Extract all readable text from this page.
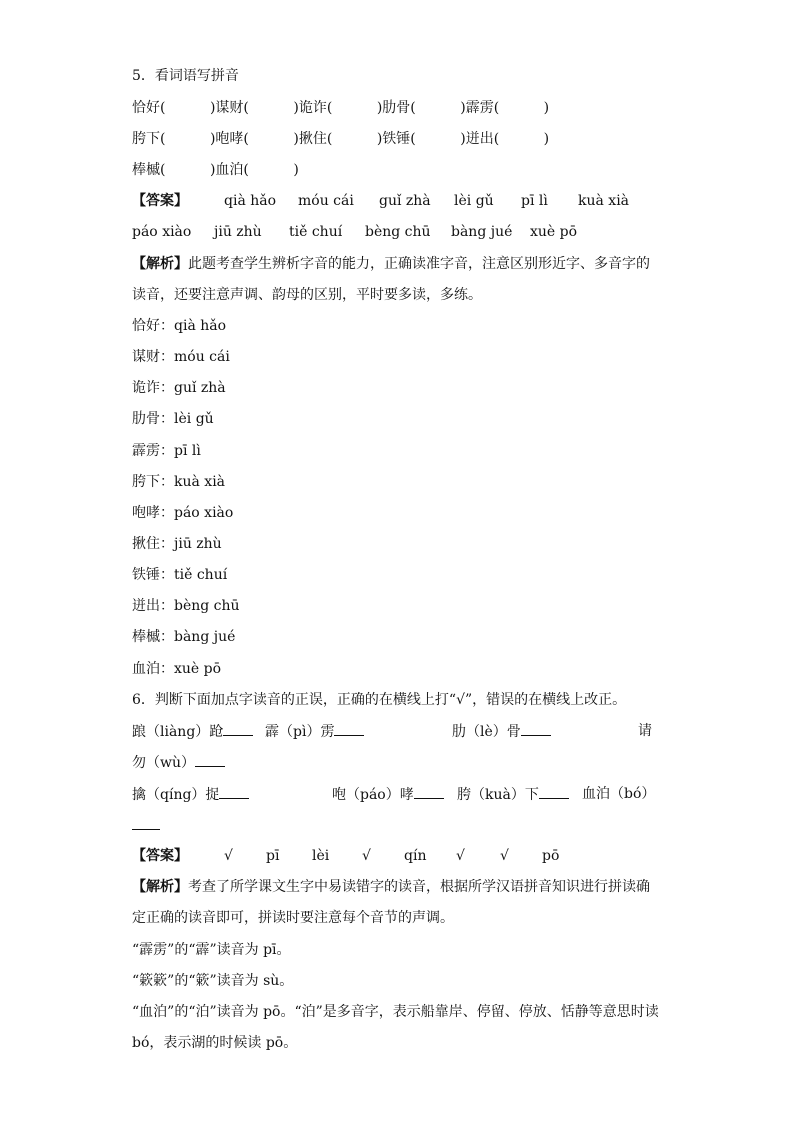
5．看词语写拼音
恰好(          )谋财(          )诡诈(          )肋骨(          )霹雳(          )
胯下(          )咆哮(          )揪住(          )铁锤(          )迸出(          )
棒槭(          )血泊(          )
【答案】	qià hǎo móu cái guǐ zhà lèi gǔ pī lì kuà xià
páo xiào jiū zhù tiě chuí bèng chū bàng jué xuè pō
【解析】此题考查学生辨析字音的能力，正确读准字音，注意区别形近字、多音字的
读音，还要注意声调、韵母的区别，平时要多读，多练。
恰好：qià hǎo
谋财：móu cái
诡诈：guǐ zhà
肋骨：lèi gǔ
霹雳：pī lì
胯下：kuà xià
咆哮：páo xiào
揪住：jiū zhù
铁锤：tiě chuí
迸出：bèng chū
棒槭：bàng jué
血泊：xuè pō
6．判断下面加点字读音的正误，正确的在横线上打“√”，错误的在横线上改正。
踉（liàng）跄	霹（pì）雳	肋（lè）骨	请
勿（wù）
擒（qíng）捉	咆（páo）哮	胯（kuà）下	血泊（bó）
【答案】	√ pī lèi √ qín √	√ pō
【解析】考查了所学课文生字中易读错字的读音，根据所学汉语拼音知识进行拼读确
定正确的读音即可，拼读时要注意每个音节的声调。
“霹雳”的“霹”读音为 pī。
“簌簌”的“簌”读音为 sù。
“血泊”的“泊”读音为 pō。“泊”是多音字，表示船靠岸、停留、停放、恬静等意思时读
bó，表示湖的时候读 pō。
